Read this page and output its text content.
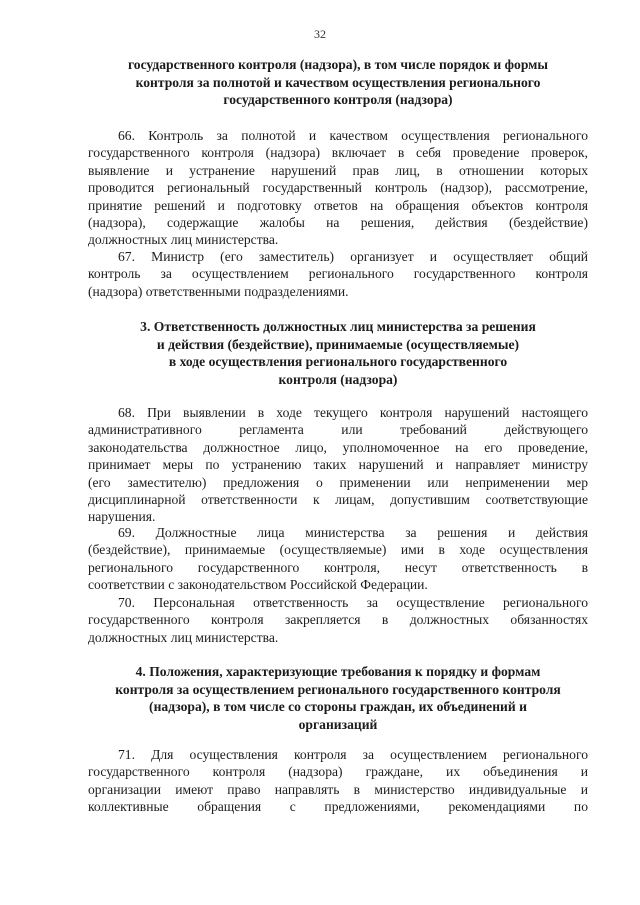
32
государственного контроля (надзора), в том числе порядок и формы
контроля за полнотой и качеством осуществления регионального
государственного контроля (надзора)
66. Контроль за полнотой и качеством осуществления регионального
государственного контроля (надзора) включает в себя проведение проверок,
выявление и устранение нарушений прав лиц, в отношении которых
проводится региональный государственный контроль (надзор), рассмотрение,
принятие решений и подготовку ответов на обращения объектов контроля
(надзора), содержащие жалобы на решения, действия (бездействие)
должностных лиц министерства.
67. Министр (его заместитель) организует и осуществляет общий
контроль за осуществлением регионального государственного контроля
(надзора) ответственными подразделениями.
3. Ответственность должностных лиц министерства за решения
и действия (бездействие), принимаемые (осуществляемые)
в ходе осуществления регионального государственного
контроля (надзора)
68. При выявлении в ходе текущего контроля нарушений настоящего
административного регламента или требований действующего
законодательства должностное лицо, уполномоченное на его проведение,
принимает меры по устранению таких нарушений и направляет министру
(его заместителю) предложения о применении или неприменении мер
дисциплинарной ответственности к лицам, допустившим соответствующие
нарушения.
69. Должностные лица министерства за решения и действия
(бездействие), принимаемые (осуществляемые) ими в ходе осуществления
регионального государственного контроля, несут ответственность в
соответствии с законодательством Российской Федерации.
70. Персональная ответственность за осуществление регионального
государственного контроля закрепляется в должностных обязанностях
должностных лиц министерства.
4. Положения, характеризующие требования к порядку и формам
контроля за осуществлением регионального государственного контроля
(надзора), в том числе со стороны граждан, их объединений и
организаций
71. Для осуществления контроля за осуществлением регионального
государственного контроля (надзора) граждане, их объединения и
организации имеют право направлять в министерство индивидуальные и
коллективные обращения с предложениями, рекомендациями по
